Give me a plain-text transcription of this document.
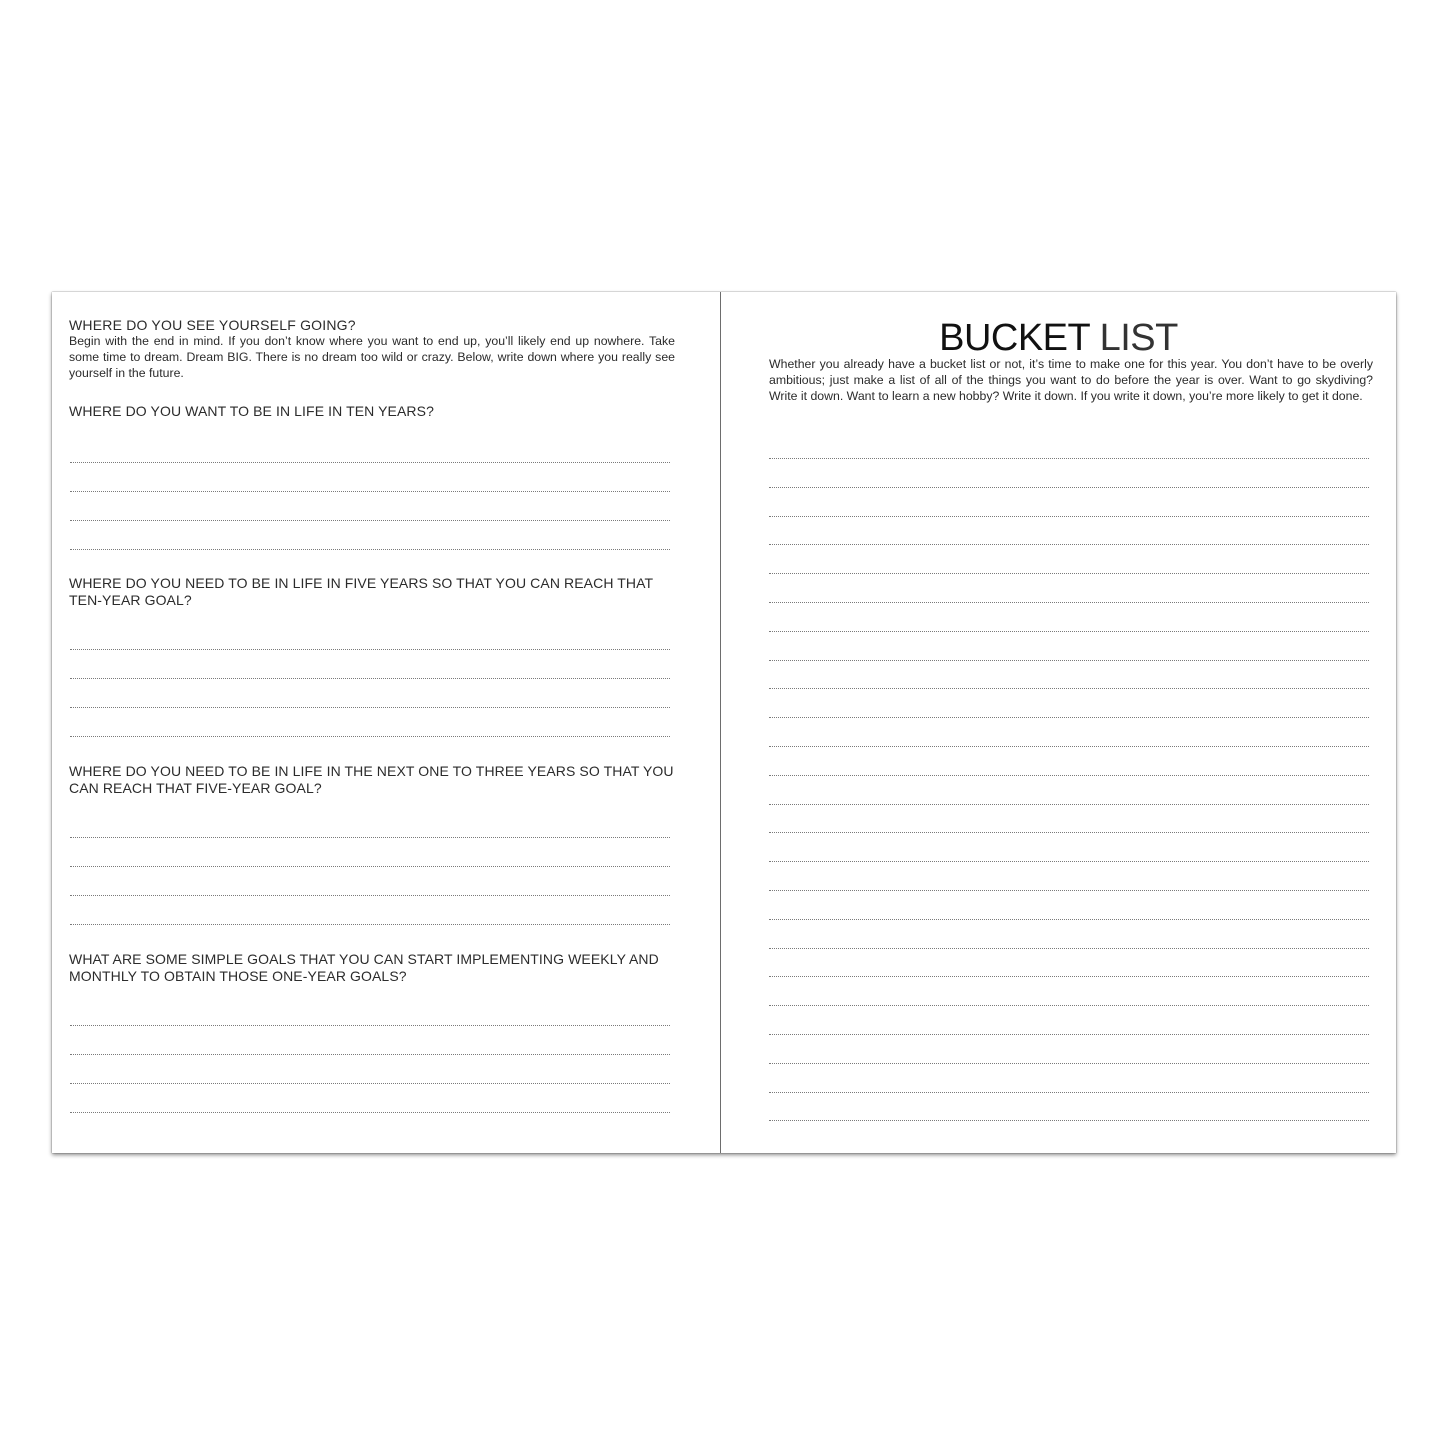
WHERE DO YOU SEE YOURSELF GOING?

Begin with the end in mind. If you don’t know where you want to end up, you’ll likely end up nowhere. Take some time to dream. Dream BIG. There is no dream too wild or crazy. Below, write down where you really see yourself in the future.

WHERE DO YOU WANT TO BE IN LIFE IN TEN YEARS?
WHERE DO YOU NEED TO BE IN LIFE IN FIVE YEARS SO THAT YOU CAN REACH THAT TEN-YEAR GOAL?
WHERE DO YOU NEED TO BE IN LIFE IN THE NEXT ONE TO THREE YEARS SO THAT YOU CAN REACH THAT FIVE-YEAR GOAL?
WHAT ARE SOME SIMPLE GOALS THAT YOU CAN START IMPLEMENTING WEEKLY AND MONTHLY TO OBTAIN THOSE ONE-YEAR GOALS?
BUCKET LIST

Whether you already have a bucket list or not, it’s time to make one for this year. You don’t have to be overly ambitious; just make a list of all of the things you want to do before the year is over. Want to go skydiving? Write it down. Want to learn a new hobby? Write it down. If you write it down, you’re more likely to get it done.
